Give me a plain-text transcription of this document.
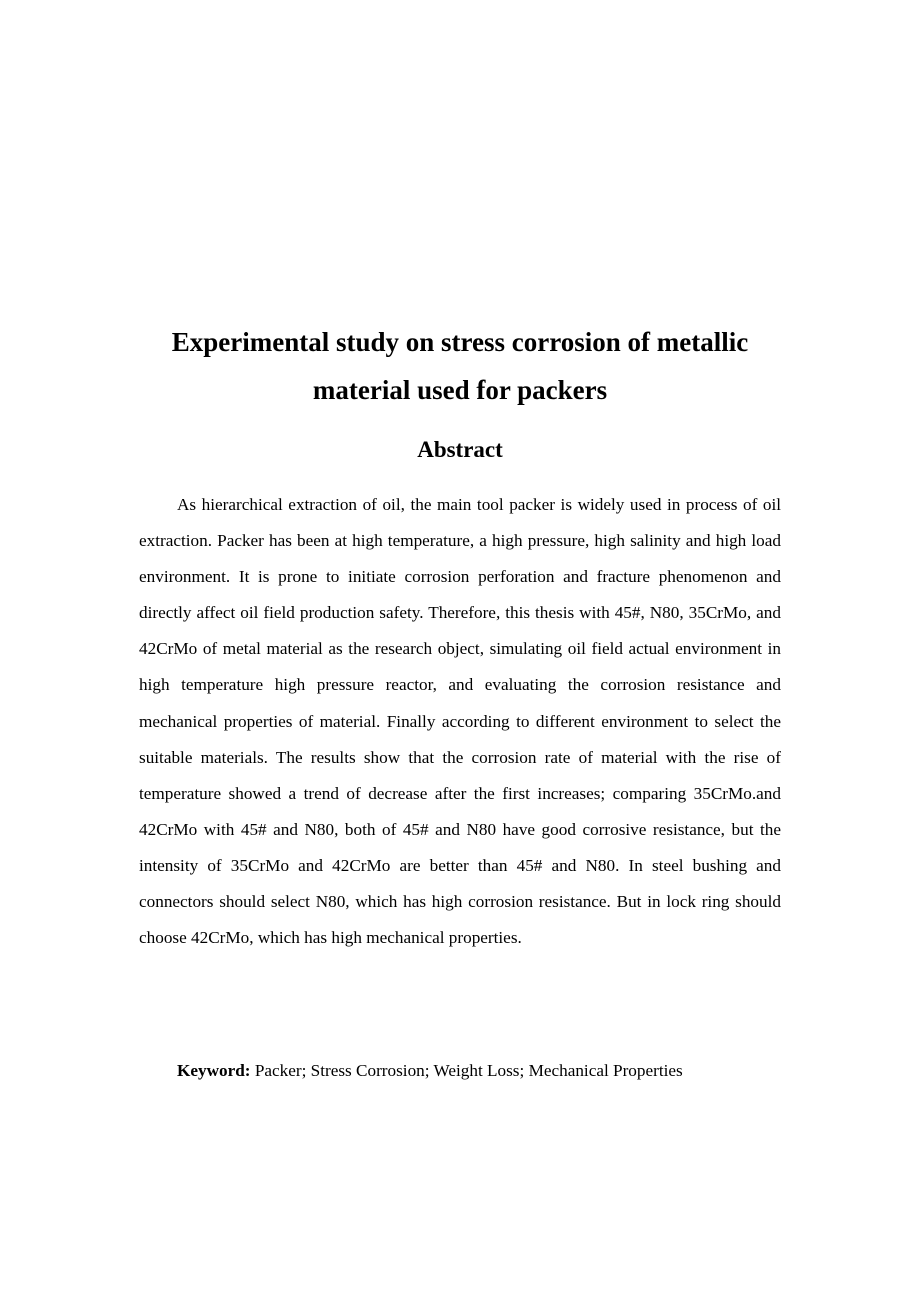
Experimental study on stress corrosion of metallic
material used for packers
Abstract

As hierarchical extraction of oil, the main tool packer is widely used in process of oil extraction. Packer has been at high temperature, a high pressure, high salinity and high load environment. It is prone to initiate corrosion perforation and fracture phenomenon and directly affect oil field production safety. Therefore, this thesis with 45#, N80, 35CrMo, and 42CrMo of metal material as the research object, simulating oil field actual environment in high temperature high pressure reactor, and evaluating the corrosion resistance and mechanical properties of material. Finally according to different environment to select the suitable materials. The results show that the corrosion rate of material with the rise of temperature showed a trend of decrease after the first increases; comparing 35CrMo.and 42CrMo with 45# and N80, both of 45# and N80 have good corrosive resistance, but the intensity of 35CrMo and 42CrMo are better than 45# and N80. In steel bushing and connectors should select N80, which has high corrosion resistance. But in lock ring should choose 42CrMo, which has high mechanical properties.

Keyword: Packer; Stress Corrosion; Weight Loss; Mechanical Properties
